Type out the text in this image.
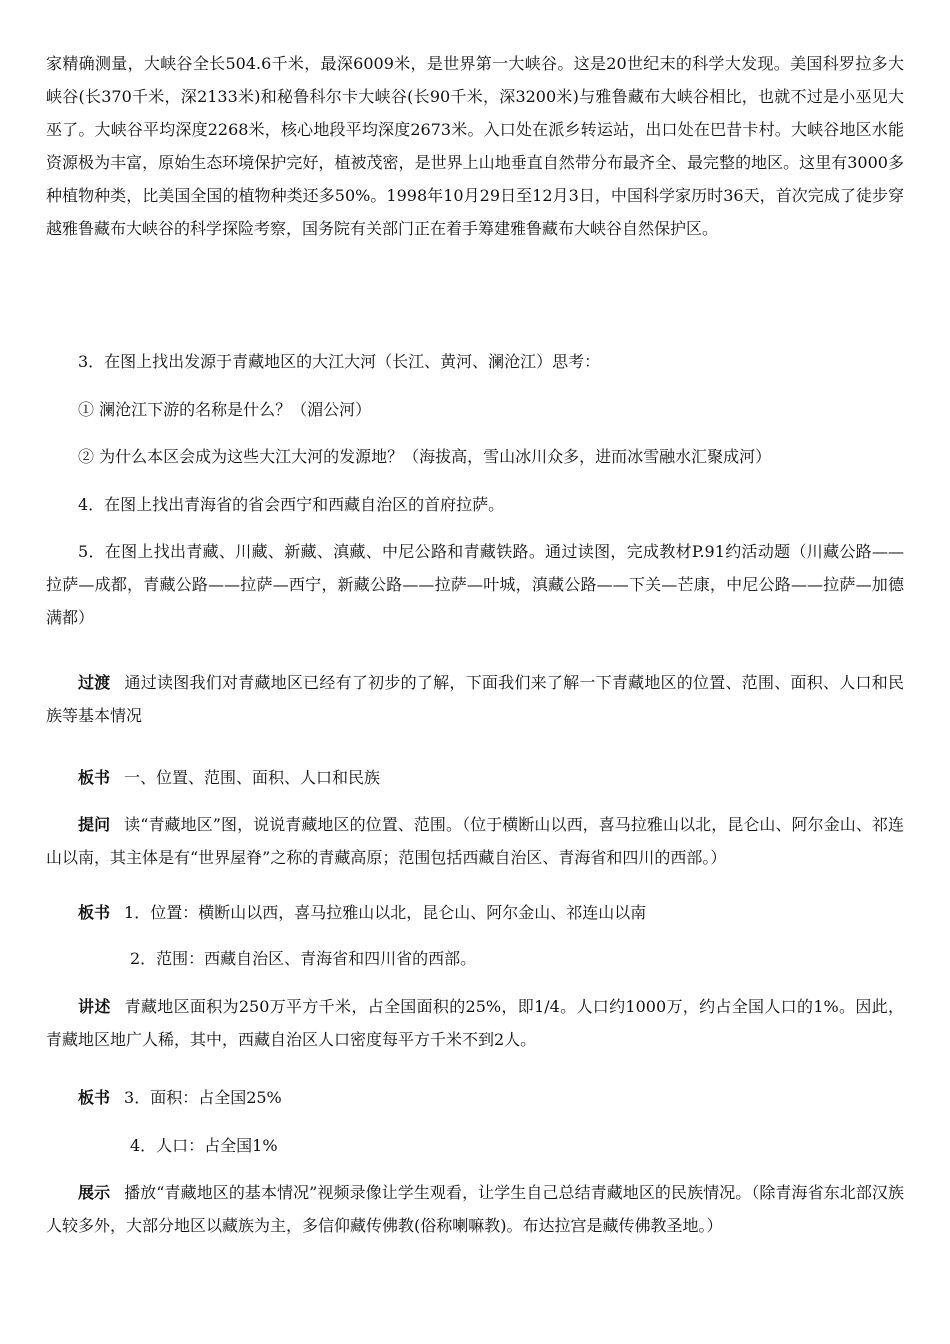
家精确测量，大峡谷全长504.6千米，最深6009米，是世界第一大峡谷。这是20世纪末的科学大发现。美国科罗拉多大峡谷(长370千米，深2133米)和秘鲁科尔卡大峡谷(长90千米，深3200米)与雅鲁藏布大峡谷相比，也就不过是小巫见大巫了。大峡谷平均深度2268米，核心地段平均深度2673米。入口处在派乡转运站，出口处在巴昔卡村。大峡谷地区水能资源极为丰富，原始生态环境保护完好，植被茂密，是世界上山地垂直自然带分布最齐全、最完整的地区。这里有3000多种植物种类，比美国全国的植物种类还多50%。1998年10月29日至12月3日，中国科学家历时36天，首次完成了徒步穿越雅鲁藏布大峡谷的科学探险考察，国务院有关部门正在着手筹建雅鲁藏布大峡谷自然保护区。

3．在图上找出发源于青藏地区的大江大河（长江、黄河、澜沧江）思考：

① 澜沧江下游的名称是什么？（湄公河）

② 为什么本区会成为这些大江大河的发源地？（海拔高，雪山冰川众多，进而冰雪融水汇聚成河）

4．在图上找出青海省的省会西宁和西藏自治区的首府拉萨。

5．在图上找出青藏、川藏、新藏、滇藏、中尼公路和青藏铁路。通过读图，完成教材P.91约活动题（川藏公路——拉萨—成都，青藏公路——拉萨—西宁，新藏公路——拉萨—叶城，滇藏公路——下关—芒康，中尼公路——拉萨—加德满都）

过渡 通过读图我们对青藏地区已经有了初步的了解，下面我们来了解一下青藏地区的位置、范围、面积、人口和民族等基本情况

板书 一、位置、范围、面积、人口和民族

提问 读“青藏地区”图，说说青藏地区的位置、范围。（位于横断山以西，喜马拉雅山以北，昆仑山、阿尔金山、祁连山以南，其主体是有“世界屋脊”之称的青藏高原；范围包括西藏自治区、青海省和四川的西部。）

板书 1．位置：横断山以西，喜马拉雅山以北，昆仑山、阿尔金山、祁连山以南

2．范围：西藏自治区、青海省和四川省的西部。

讲述 青藏地区面积为250万平方千米，占全国面积的25%，即1/4。人口约1000万，约占全国人口的1%。因此，青藏地区地广人稀，其中，西藏自治区人口密度每平方千米不到2人。

板书 3．面积：占全国25%

4．人口：占全国1%

展示 播放“青藏地区的基本情况”视频录像让学生观看，让学生自己总结青藏地区的民族情况。（除青海省东北部汉族人较多外，大部分地区以藏族为主，多信仰藏传佛教(俗称喇嘛教)。布达拉宫是藏传佛教圣地。）
